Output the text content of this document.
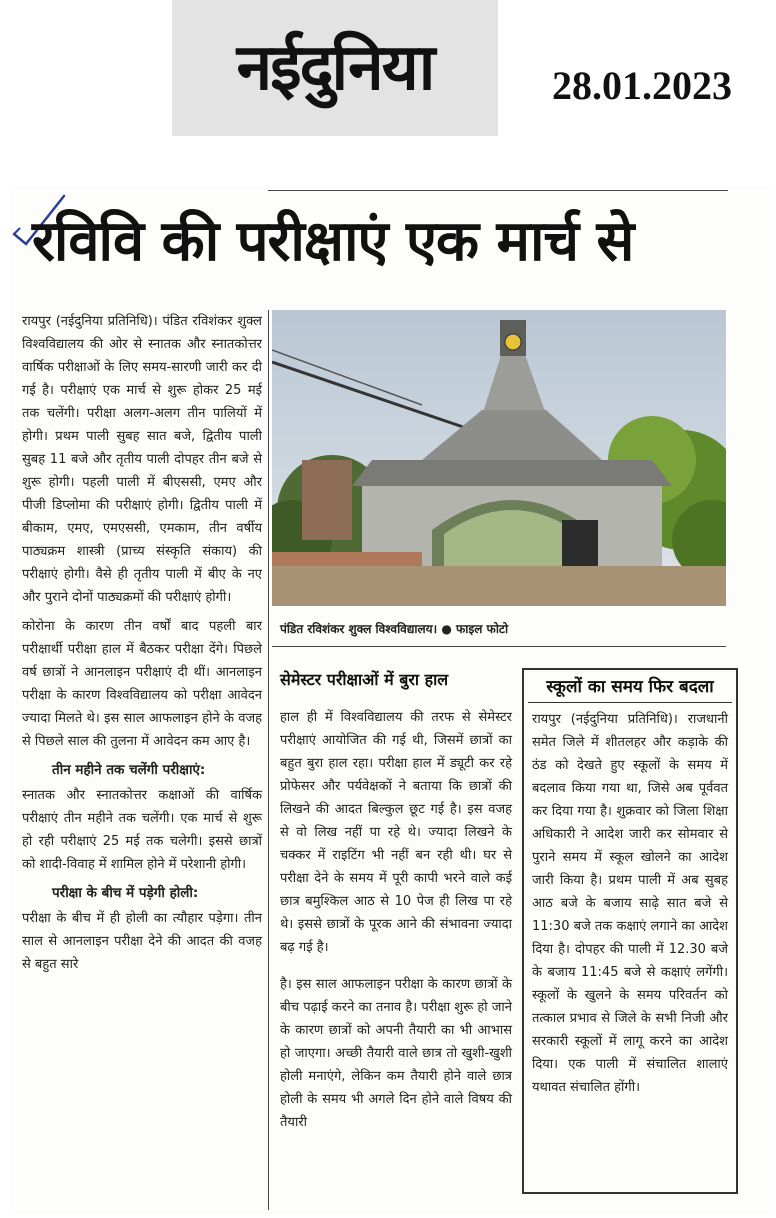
नईदुनिया	28.01.2023
रविवि की परीक्षाएं एक मार्च से

रायपुर (नईदुनिया प्रतिनिधि)। पंडित रविशंकर शुक्ल विश्वविद्यालय की ओर से स्नातक और स्नातकोत्तर वार्षिक परीक्षाओं के लिए समय-सारणी जारी कर दी गई है। परीक्षाएं एक मार्च से शुरू होकर 25 मई तक चलेंगी। परीक्षा अलग-अलग तीन पालियों में होगी। प्रथम पाली सुबह सात बजे, द्वितीय पाली सुबह 11 बजे और तृतीय पाली दोपहर तीन बजे से शुरू होगी। पहली पाली में बीएससी, एमए और पीजी डिप्लोमा की परीक्षाएं होगी। द्वितीय पाली में बीकाम, एमए, एमएससी, एमकाम, तीन वर्षीय पाठ्यक्रम शास्त्री (प्राच्य संस्कृति संकाय) की परीक्षाएं होगी। वैसे ही तृतीय पाली में बीए के नए और पुराने दोनों पाठ्यक्रमों की परीक्षाएं होगी।

कोरोना के कारण तीन वर्षों बाद पहली बार परीक्षार्थी परीक्षा हाल में बैठकर परीक्षा देंगे। पिछले वर्ष छात्रों ने आनलाइन परीक्षाएं दी थीं। आनलाइन परीक्षा के कारण विश्वविद्यालय को परीक्षा आवेदन ज्यादा मिलते थे। इस साल आफलाइन होने के वजह से पिछले साल की तुलना में आवेदन कम आए है।

तीन महीने तक चलेंगी परीक्षाएं:

स्नातक और स्नातकोत्तर कक्षाओं की वार्षिक परीक्षाएं तीन महीने तक चलेंगी। एक मार्च से शुरू हो रही परीक्षाएं 25 मई तक चलेगी। इससे छात्रों को शादी-विवाह में शामिल होने में परेशानी होगी।

परीक्षा के बीच में पड़ेगी होली:

परीक्षा के बीच में ही होली का त्यौहार पड़ेगा। तीन साल से आनलाइन परीक्षा देने की आदत की वजह से बहुत सारे

पंडित रविशंकर शुक्ल विश्वविद्यालय। ● फाइल फोटो
सेमेस्टर परीक्षाओं में बुरा हाल

हाल ही में विश्वविद्यालय की तरफ से सेमेस्टर परीक्षाएं आयोजित की गई थी, जिसमें छात्रों का बहुत बुरा हाल रहा। परीक्षा हाल में ड्यूटी कर रहे प्रोफेसर और पर्यवेक्षकों ने बताया कि छात्रों की लिखने की आदत बिल्कुल छूट गई है। इस वजह से वो लिख नहीं पा रहे थे। ज्यादा लिखने के चक्कर में राइटिंग भी नहीं बन रही थी। घर से परीक्षा देने के समय में पूरी कापी भरने वाले कई छात्र बमुश्किल आठ से 10 पेज ही लिख पा रहे थे। इससे छात्रों के पूरक आने की संभावना ज्यादा बढ़ गई है।

है। इस साल आफलाइन परीक्षा के कारण छात्रों के बीच पढ़ाई करने का तनाव है। परीक्षा शुरू हो जाने के कारण छात्रों को अपनी तैयारी का भी आभास हो जाएगा। अच्छी तैयारी वाले छात्र तो खुशी-खुशी होली मनाएंगे, लेकिन कम तैयारी होने वाले छात्र होली के समय भी अगले दिन होने वाले विषय की तैयारी

स्कूलों का समय फिर बदला

रायपुर (नईदुनिया प्रतिनिधि)। राजधानी समेत जिले में शीतलहर और कड़ाके की ठंड को देखते हुए स्कूलों के समय में बदलाव किया गया था, जिसे अब पूर्ववत कर दिया गया है। शुक्रवार को जिला शिक्षा अधिकारी ने आदेश जारी कर सोमवार से पुराने समय में स्कूल खोलने का आदेश जारी किया है। प्रथम पाली में अब सुबह आठ बजे के बजाय साढ़े सात बजे से 11:30 बजे तक कक्षाएं लगाने का आदेश दिया है। दोपहर की पाली में 12.30 बजे के बजाय 11:45 बजे से कक्षाएं लगेंगी। स्कूलों के खुलने के समय परिवर्तन को तत्काल प्रभाव से जिले के सभी निजी और सरकारी स्कूलों में लागू करने का आदेश दिया। एक पाली में संचालित शालाएं यथावत संचालित होंगी।
